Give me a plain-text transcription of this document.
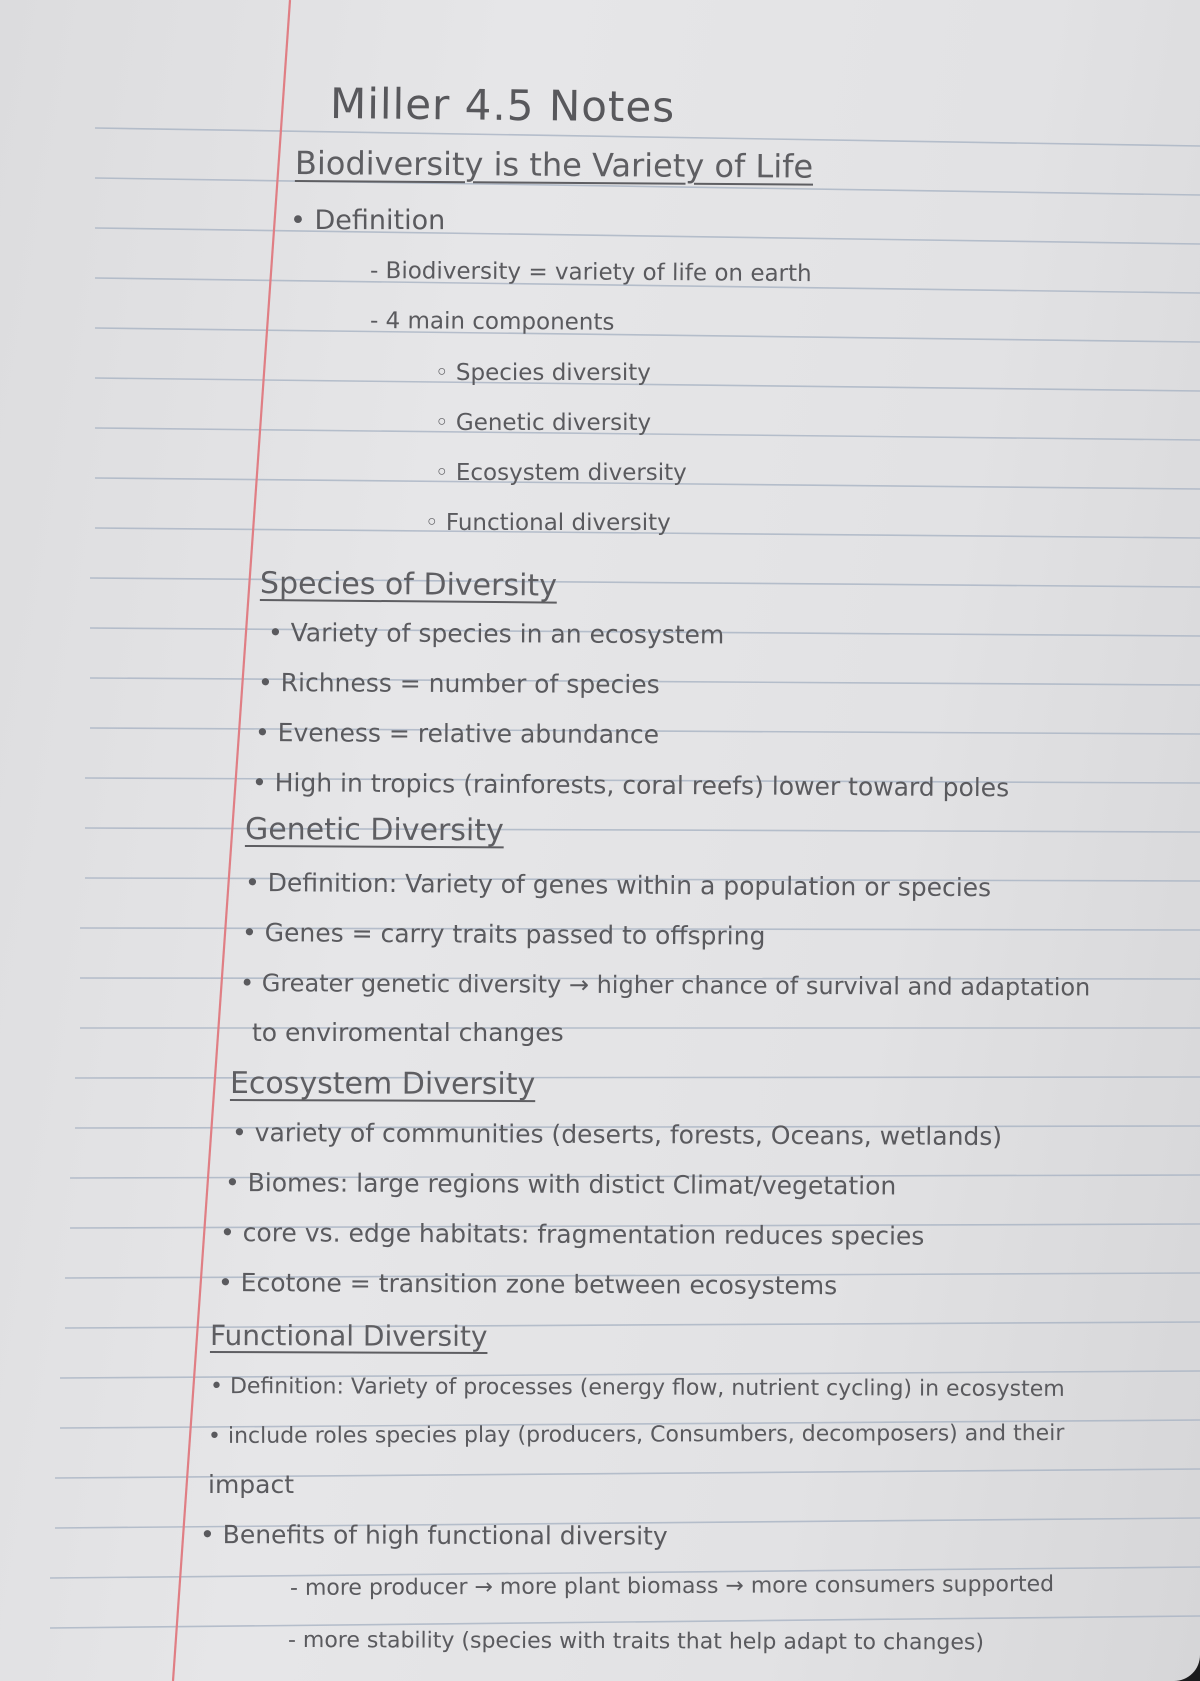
Miller 4.5 Notes
Biodiversity is the Variety of Life
• Definition
- Biodiversity = variety of life on earth
- 4 main components
◦ Species diversity
◦ Genetic diversity
◦ Ecosystem diversity
◦ Functional diversity
Species of Diversity
• Variety of species in an ecosystem
• Richness = number of species
• Eveness = relative abundance
• High in tropics (rainforests, coral reefs) lower toward poles
Genetic Diversity
• Definition: Variety of genes within a population or species
• Genes = carry traits passed to offspring
• Greater genetic diversity → higher chance of survival and adaptation
to enviromental changes
Ecosystem Diversity
• variety of communities (deserts, forests, Oceans, wetlands)
• Biomes: large regions with distict Climat/vegetation
• core vs. edge habitats: fragmentation reduces species
• Ecotone = transition zone between ecosystems
Functional Diversity
• Definition: Variety of processes (energy flow, nutrient cycling) in ecosystem
• include roles species play (producers, Consumbers, decomposers) and their
impact
• Benefits of high functional diversity
- more producer → more plant biomass → more consumers supported
- more stability (species with traits that help adapt to changes)
